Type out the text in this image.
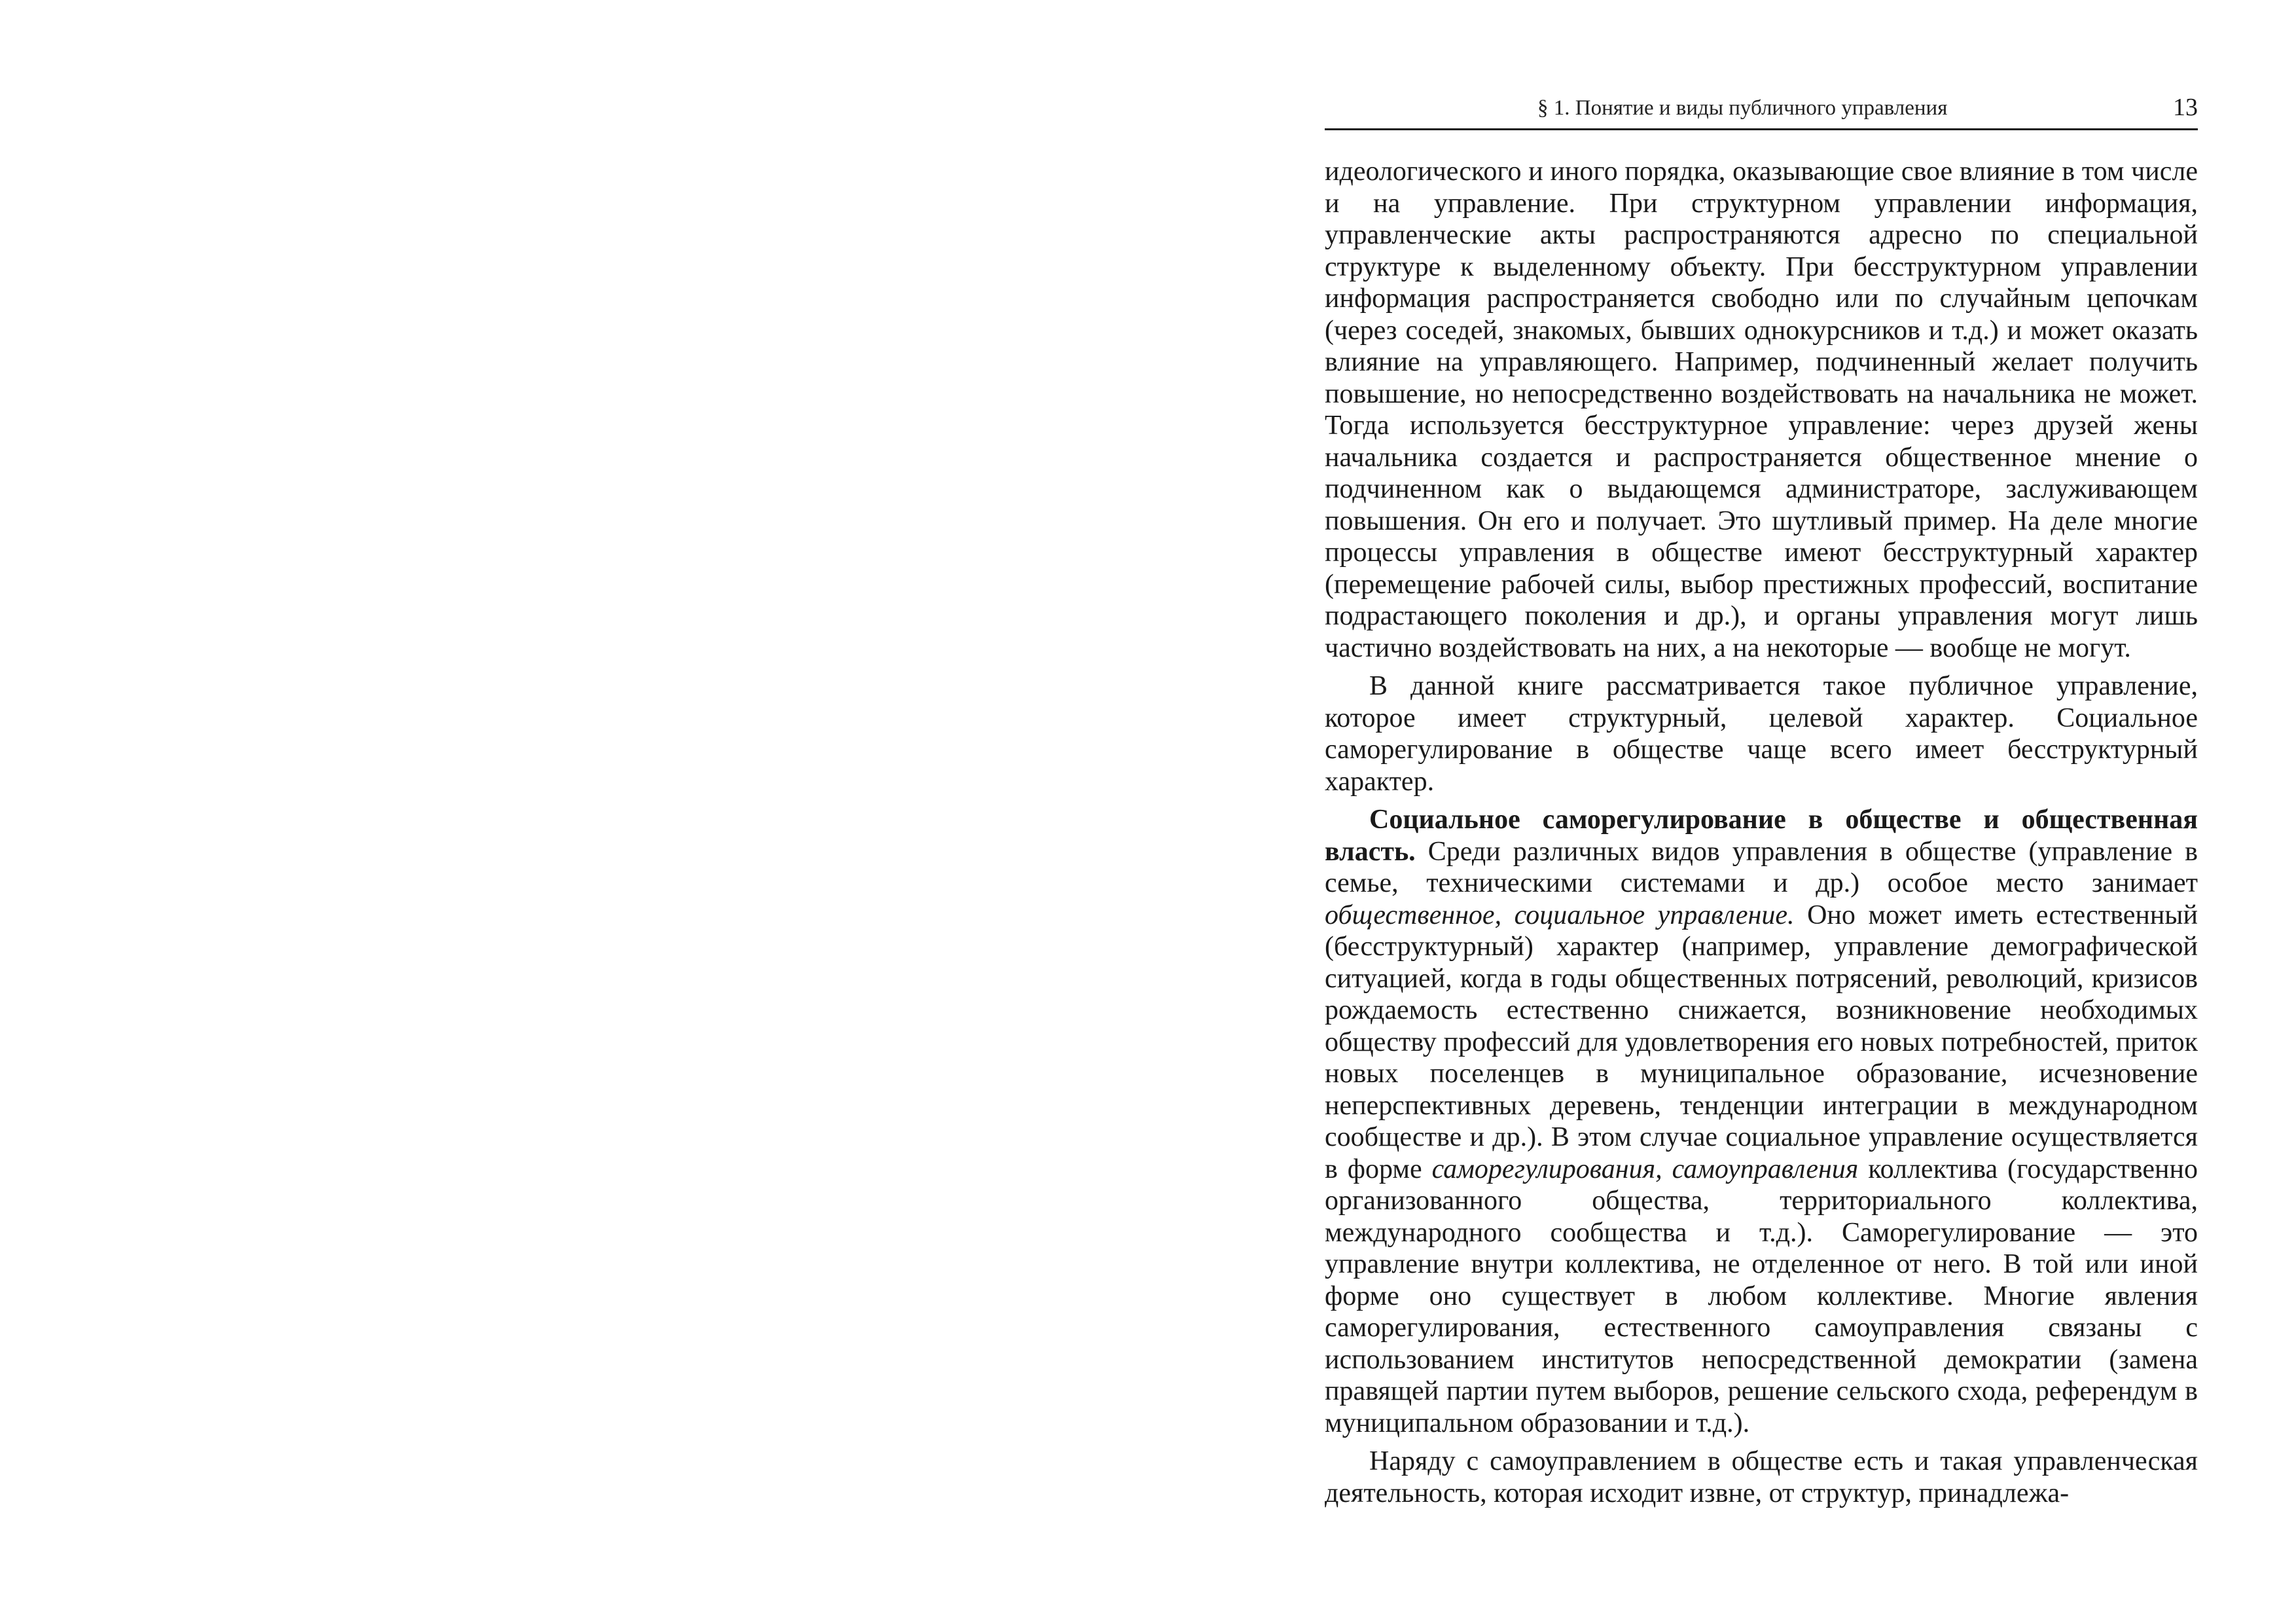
§ 1. Понятие и виды публичного управления	13

идеологического и иного порядка, оказывающие свое влияние в том числе и на управление. При структурном управлении информация, управленческие акты распространяются адресно по специальной структуре к выделенному объекту. При бесструктурном управлении информация распространяется свободно или по случайным цепочкам (через соседей, знакомых, бывших однокурсников и т.д.) и может оказать влияние на управляющего. Например, подчиненный желает получить повышение, но непосредственно воздействовать на начальника не может. Тогда используется бесструктурное управление: через друзей жены начальника создается и распространяется общественное мнение о подчиненном как о выдающемся администраторе, заслуживающем повышения. Он его и получает. Это шутливый пример. На деле многие процессы управления в обществе имеют бесструктурный характер (перемещение рабочей силы, выбор престижных профессий, воспитание подрастающего поколения и др.), и органы управления могут лишь частично воздействовать на них, а на некоторые — вообще не могут.

В данной книге рассматривается такое публичное управление, которое имеет структурный, целевой характер. Социальное саморегулирование в обществе чаще всего имеет бесструктурный характер.

Социальное саморегулирование в обществе и общественная власть. Среди различных видов управления в обществе (управление в семье, техническими системами и др.) особое место занимает общественное, социальное управление. Оно может иметь естественный (бесструктурный) характер (например, управление демографической ситуацией, когда в годы общественных потрясений, революций, кризисов рождаемость естественно снижается, возникновение необходимых обществу профессий для удовлетворения его новых потребностей, приток новых поселенцев в муниципальное образование, исчезновение неперспективных деревень, тенденции интеграции в международном сообществе и др.). В этом случае социальное управление осуществляется в форме саморегулирования, самоуправления коллектива (государственно организованного общества, территориального коллектива, международного сообщества и т.д.). Саморегулирование — это управление внутри коллектива, не отделенное от него. В той или иной форме оно существует в любом коллективе. Многие явления саморегулирования, естественного самоуправления связаны с использованием институтов непосредственной демократии (замена правящей партии путем выборов, решение сельского схода, референдум в муниципальном образовании и т.д.).

Наряду с самоуправлением в обществе есть и такая управленческая деятельность, которая исходит извне, от структур, принадлежа-
